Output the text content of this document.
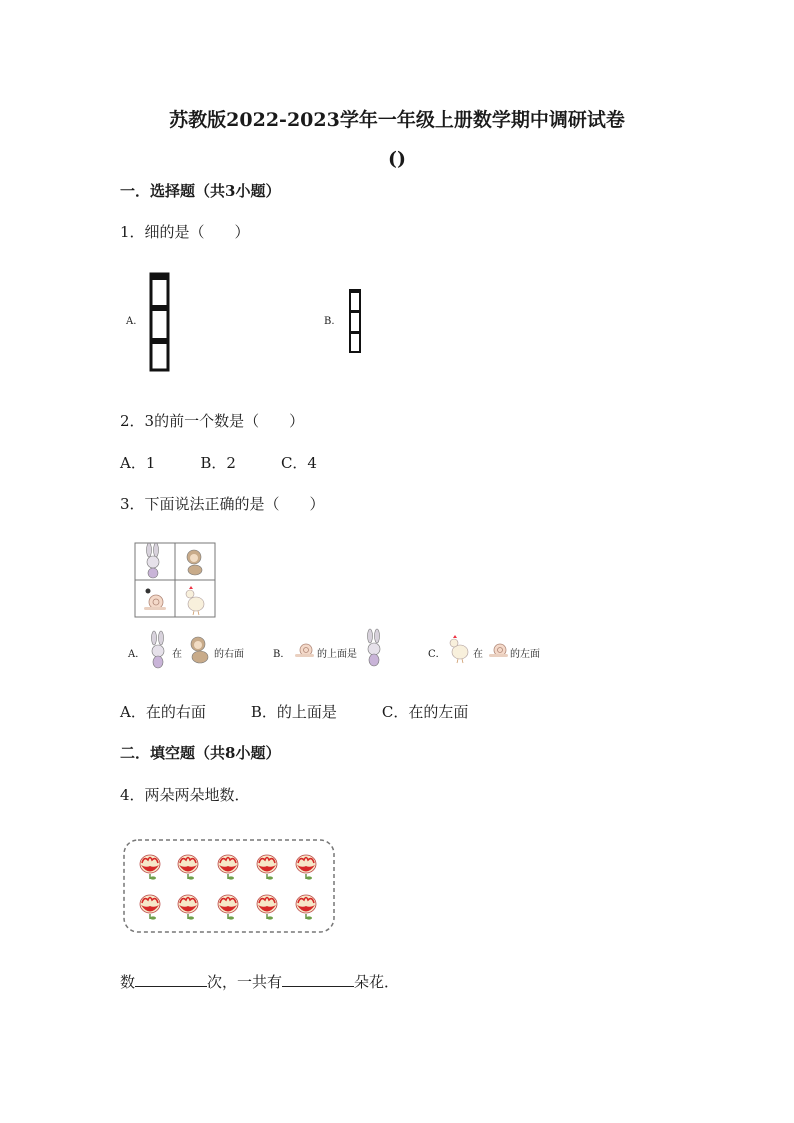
苏教版2022-2023学年一年级上册数学期中调研试卷
()
一．选择题（共3小题）
1．细的是（　　）
A.	B.
2．3的前一个数是（　　）
A．1　　　B．2　　　C．4
3．下面说法正确的是（　　）
A．	在	的右面	B．	的上面是	C．	在	的左面
A．在的右面　　　B．的上面是　　　C．在的左面
二．填空题（共8小题）
4．两朵两朵地数．
数	次，一共有	朵花．
